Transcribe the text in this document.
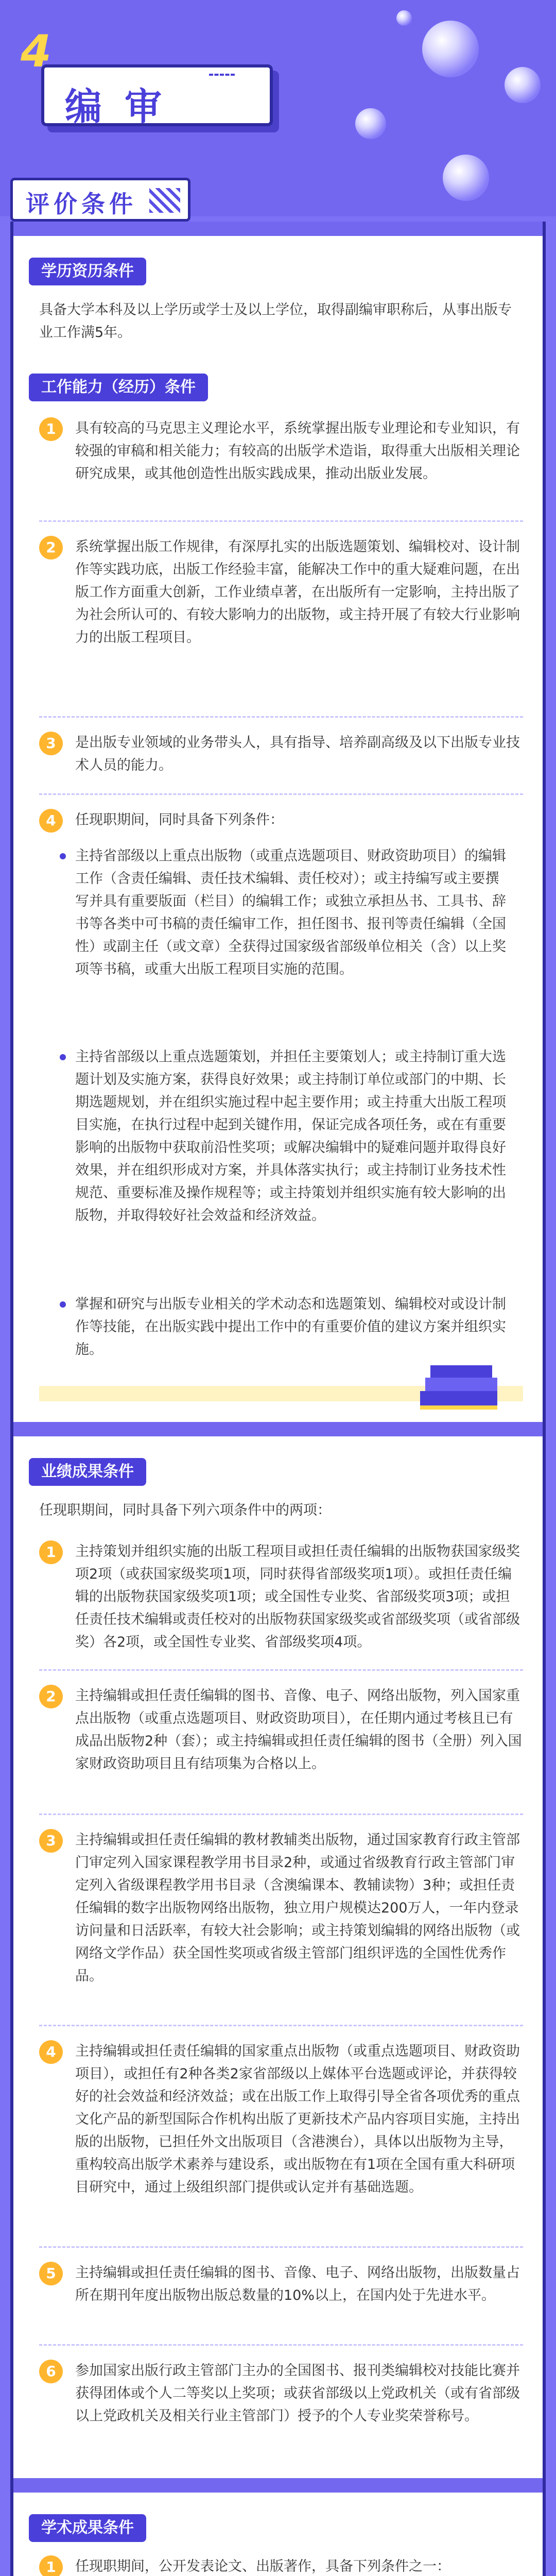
编审
4
评价条件
学历资历条件
具备大学本科及以上学历或学士及以上学位，取得副编审职称后，从事出版专业工作满5年。
工作能力（经历）条件
1	具有较高的马克思主义理论水平，系统掌握出版专业理论和专业知识，有较强的审稿和相关能力；有较高的出版学术造诣，取得重大出版相关理论研究成果，或其他创造性出版实践成果，推动出版业发展。
2	系统掌握出版工作规律，有深厚扎实的出版选题策划、编辑校对、设计制作等实践功底，出版工作经验丰富，能解决工作中的重大疑难问题，在出版工作方面重大创新，工作业绩卓著，在出版所有一定影响，主持出版了为社会所认可的、有较大影响力的出版物，或主持开展了有较大行业影响力的出版工程项目。
3	是出版专业领域的业务带头人，具有指导、培养副高级及以下出版专业技术人员的能力。
4	任现职期间，同时具备下列条件：
主持省部级以上重点出版物（或重点选题项目、财政资助项目）的编辑工作（含责任编辑、责任技术编辑、责任校对）；或主持编写或主要撰写并具有重要版面（栏目）的编辑工作；或独立承担丛书、工具书、辞书等各类中可书稿的责任编审工作，担任图书、报刊等责任编辑（全国性）或副主任（或文章）全获得过国家级省部级单位相关（含）以上奖项等书稿，或重大出版工程项目实施的范围。
主持省部级以上重点选题策划，并担任主要策划人；或主持制订重大选题计划及实施方案，获得良好效果；或主持制订单位或部门的中期、长期选题规划，并在组织实施过程中起主要作用；或主持重大出版工程项目实施，在执行过程中起到关键作用，保证完成各项任务，或在有重要影响的出版物中获取前沿性奖项；或解决编辑中的疑难问题并取得良好效果，并在组织形成对方案，并具体落实执行；或主持制订业务技术性规范、重要标准及操作规程等；或主持策划并组织实施有较大影响的出版物，并取得较好社会效益和经济效益。
掌握和研究与出版专业相关的学术动态和选题策划、编辑校对或设计制作等技能，在出版实践中提出工作中的有重要价值的建议方案并组织实施。
业绩成果条件
任现职期间，同时具备下列六项条件中的两项：
1	主持策划并组织实施的出版工程项目或担任责任编辑的出版物获国家级奖项2项（或获国家级奖项1项，同时获得省部级奖项1项）。或担任责任编辑的出版物获国家级奖项1项；或全国性专业奖、省部级奖项3项；或担任责任技术编辑或责任校对的出版物获国家级奖或省部级奖项（或省部级奖）各2项，或全国性专业奖、省部级奖项4项。
2	主持编辑或担任责任编辑的图书、音像、电子、网络出版物，列入国家重点出版物（或重点选题项目、财政资助项目），在任期内通过考核且已有成品出版物2种（套）；或主持编辑或担任责任编辑的图书（全册）列入国家财政资助项目且有结项集为合格以上。
3	主持编辑或担任责任编辑的教材教辅类出版物，通过国家教育行政主管部门审定列入国家课程教学用书目录2种，或通过省级教育行政主管部门审定列入省级课程教学用书目录（含澳编课本、教辅读物）3种；或担任责任编辑的数字出版物网络出版物，独立用户规模达200万人，一年内登录访问量和日活跃率，有较大社会影响；或主持策划编辑的网络出版物（或网络文学作品）获全国性奖项或省级主管部门组织评选的全国性优秀作品。
4	主持编辑或担任责任编辑的国家重点出版物（或重点选题项目、财政资助项目），或担任有2种各类2家省部级以上媒体平台选题或评论，并获得较好的社会效益和经济效益；或在出版工作上取得引导全省各项优秀的重点文化产品的新型国际合作机构出版了更新技术产品内容项目实施，主持出版的出版物，已担任外文出版项目（含港澳台），具体以出版物为主导，重构较高出版学术素养与建设系，或出版物在有1项在全国有重大科研项目研究中，通过上级组织部门提供或认定并有基础选题。
5	主持编辑或担任责任编辑的图书、音像、电子、网络出版物，出版数量占所在期刊年度出版物出版总数量的10%以上，在国内处于先进水平。
6	参加国家出版行政主管部门主办的全国图书、报刊类编辑校对技能比赛并获得团体或个人二等奖以上奖项；或获省部级以上党政机关（或有省部级以上党政机关及相关行业主管部门）授予的个人专业奖荣誉称号。
学术成果条件
1	任现职期间，公开发表论文、出版著作，具备下列条件之一：
